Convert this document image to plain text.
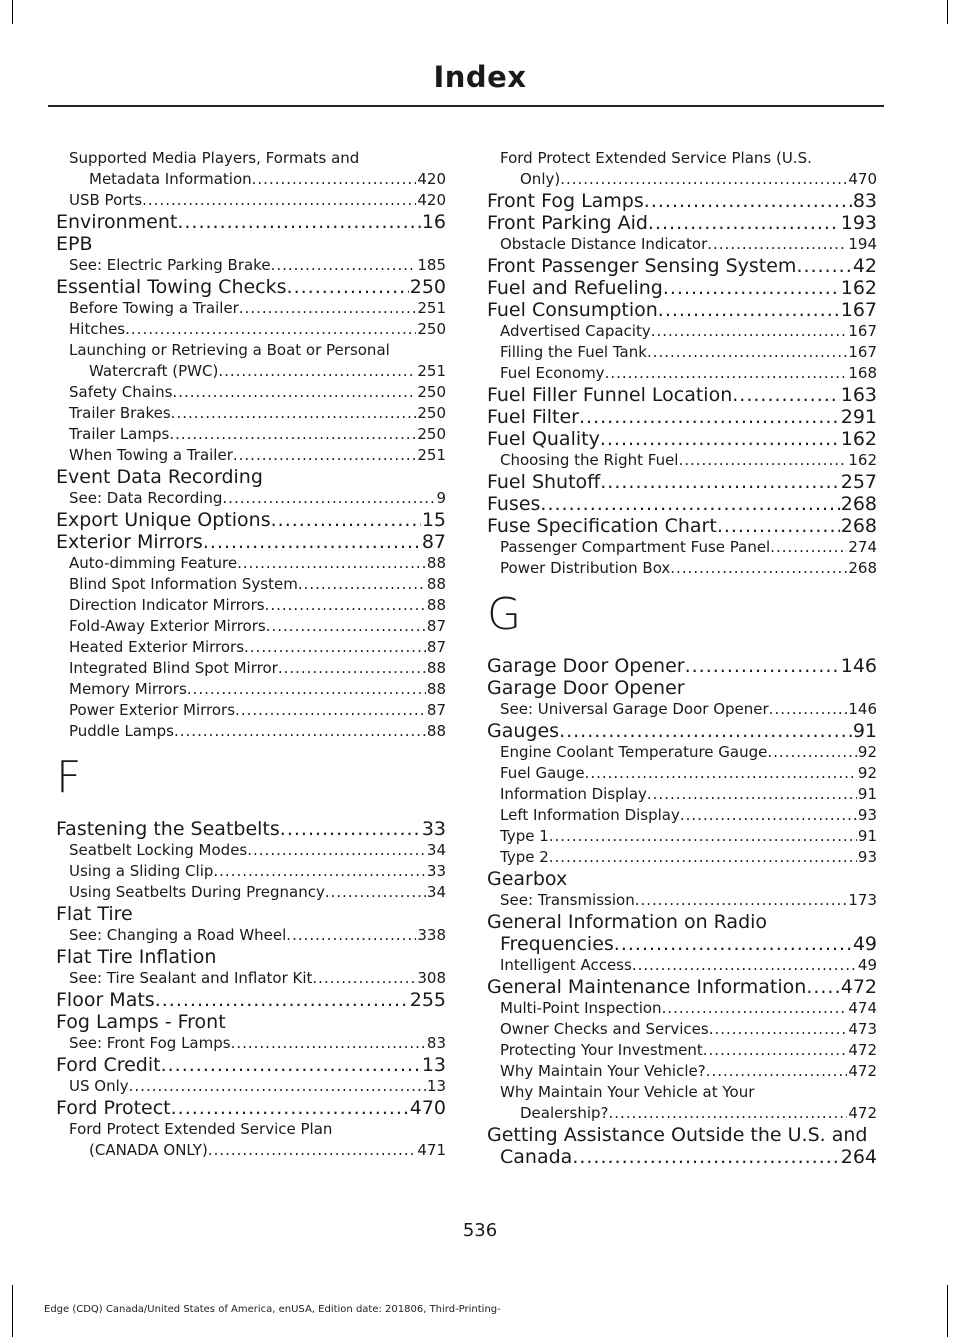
Index
Supported Media Players, Formats and
Metadata Information .....	420
USB Ports .....	420
Environment .....	16
EPB
See: Electric Parking Brake .....	185
Essential Towing Checks .....	250
Before Towing a Trailer .....	251
Hitches .....	250
Launching or Retrieving a Boat or Personal
Watercraft (PWC) .....	251
Safety Chains .....	250
Trailer Brakes .....	250
Trailer Lamps .....	250
When Towing a Trailer .....	251
Event Data Recording
See: Data Recording .....	9
Export Unique Options .....	15
Exterior Mirrors .....	87
Auto-dimming Feature .....	88
Blind Spot Information System .....	88
Direction Indicator Mirrors .....	88
Fold-Away Exterior Mirrors .....	87
Heated Exterior Mirrors .....	87
Integrated Blind Spot Mirror .....	88
Memory Mirrors .....	88
Power Exterior Mirrors .....	87
Puddle Lamps .....	88
F
Fastening the Seatbelts .....	33
Seatbelt Locking Modes .....	34
Using a Sliding Clip .....	33
Using Seatbelts During Pregnancy .....	34
Flat Tire
See: Changing a Road Wheel .....	338
Flat Tire Inflation
See: Tire Sealant and Inflator Kit .....	308
Floor Mats .....	255
Fog Lamps - Front
See: Front Fog Lamps .....	83
Ford Credit .....	13
US Only .....	13
Ford Protect .....	470
Ford Protect Extended Service Plan
(CANADA ONLY) .....	471
Ford Protect Extended Service Plans (U.S.
Only) .....	470
Front Fog Lamps .....	83
Front Parking Aid .....	193
Obstacle Distance Indicator .....	194
Front Passenger Sensing System .....	42
Fuel and Refueling .....	162
Fuel Consumption .....	167
Advertised Capacity .....	167
Filling the Fuel Tank .....	167
Fuel Economy .....	168
Fuel Filler Funnel Location .....	163
Fuel Filter .....	291
Fuel Quality .....	162
Choosing the Right Fuel .....	162
Fuel Shutoff .....	257
Fuses .....	268
Fuse Specification Chart .....	268
Passenger Compartment Fuse Panel .....	274
Power Distribution Box .....	268
G
Garage Door Opener .....	146
Garage Door Opener
See: Universal Garage Door Opener .....	146
Gauges .....	91
Engine Coolant Temperature Gauge .....	92
Fuel Gauge .....	92
Information Display .....	91
Left Information Display .....	93
Type 1 .....	91
Type 2 .....	93
Gearbox
See: Transmission .....	173
General Information on Radio
Frequencies .....	49
Intelligent Access .....	49
General Maintenance Information ..... 472
Multi-Point Inspection .....	474
Owner Checks and Services .....	473
Protecting Your Investment .....	472
Why Maintain Your Vehicle? .....	472
Why Maintain Your Vehicle at Your
Dealership? .....	472
Getting Assistance Outside the U.S. and
Canada .....	264
536
Edge (CDQ) Canada/United States of America, enUSA, Edition date: 201806, Third-Printing-
